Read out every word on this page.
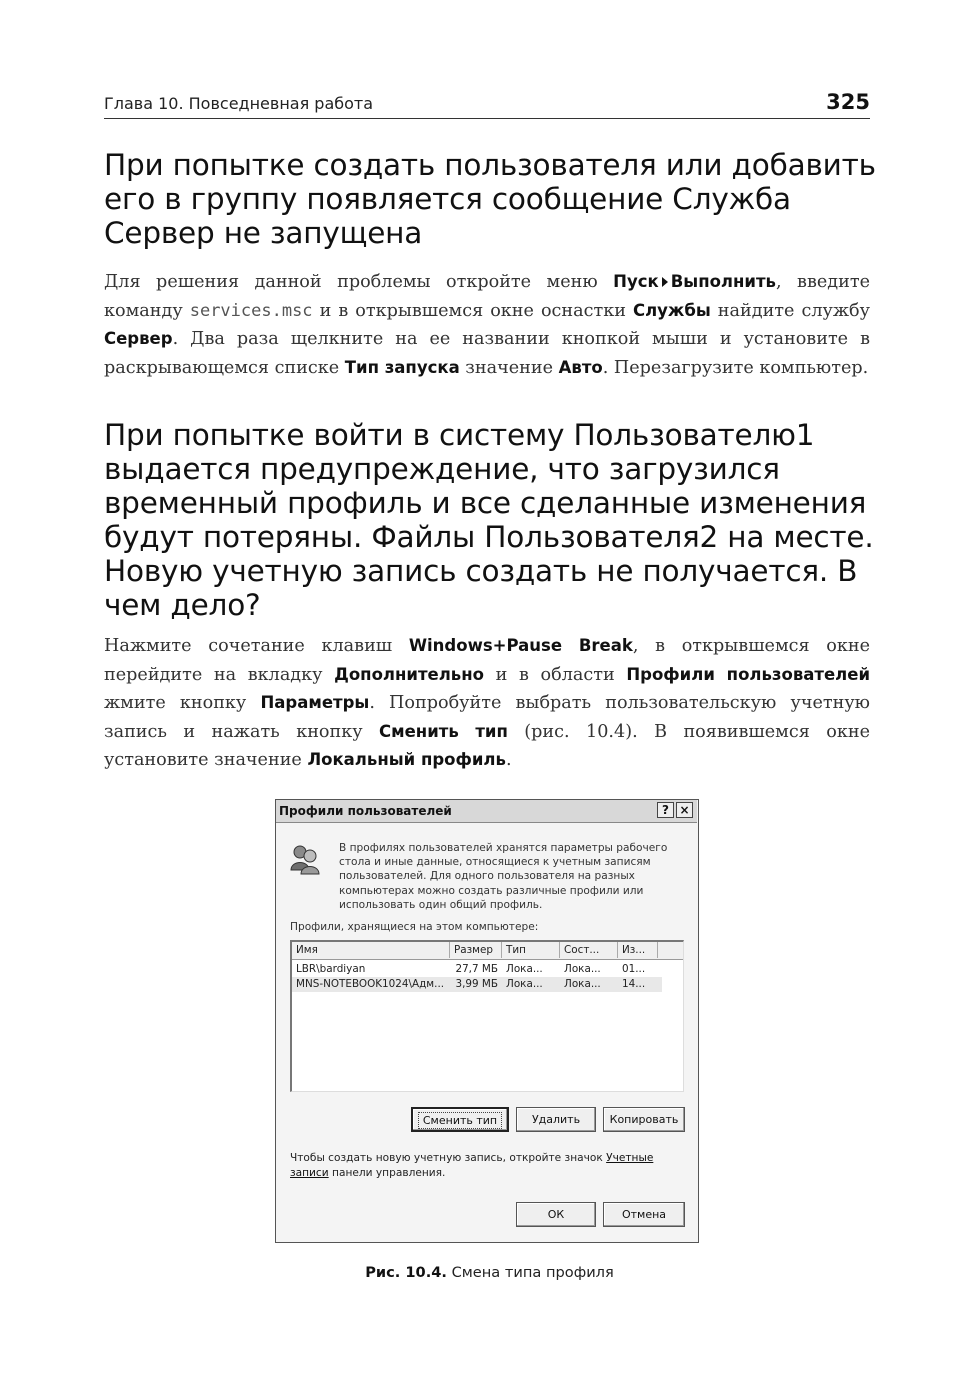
Глава 10. Повседневная работа	325
При попытке создать пользователя или добавить его в группу появляется сообщение Служба Сервер не запущена

Для решения данной проблемы откройте меню Пуск Выполнить, введите команду services.msc и в открывшемся окне оснастки Службы найдите службу Сервер. Два раза щелкните на ее названии кнопкой мыши и установите в раскрывающемся списке Тип запуска значение Авто. Перезагрузите компьютер.

При попытке войти в систему Пользователю1 выдается предупреждение, что загрузился временный профиль и все сделанные изменения будут потеряны. Файлы Пользователя2 на месте. Новую учетную запись создать не получается. В чем дело?

Нажмите сочетание клавиш Windows+Pause Break, в открывшемся окне перейдите на вкладку Дополнительно и в области Профили пользователей жмите кнопку Параметры. Попробуйте выбрать пользовательскую учетную запись и нажать кнопку Сменить тип (рис. 10.4). В появившемся окне установите значение Локальный профиль.

Профили пользователей	? ×

В профилях пользователей хранятся параметры рабочего
стола и иные данные, относящиеся к учетным записям
пользователей. Для одного пользователя на разных
компьютерах можно создать различные профили или
использовать один общий профиль.

Профили, хранящиеся на этом компьютере:
Имя	Размер	Тип	Сост...	Из...
LBR\bardiyan	27,7 МБ Лока...	Лока...	01...
MNS-NOTEBOOK1024\Адм...	3,99 МБ Лока...	Лока...	14...
Сменить тип	Удалить	Копировать

Чтобы создать новую учетную запись, откройте значок Учетные записи панели управления.

ОК	Отмена
Рис. 10.4. Смена типа профиля
